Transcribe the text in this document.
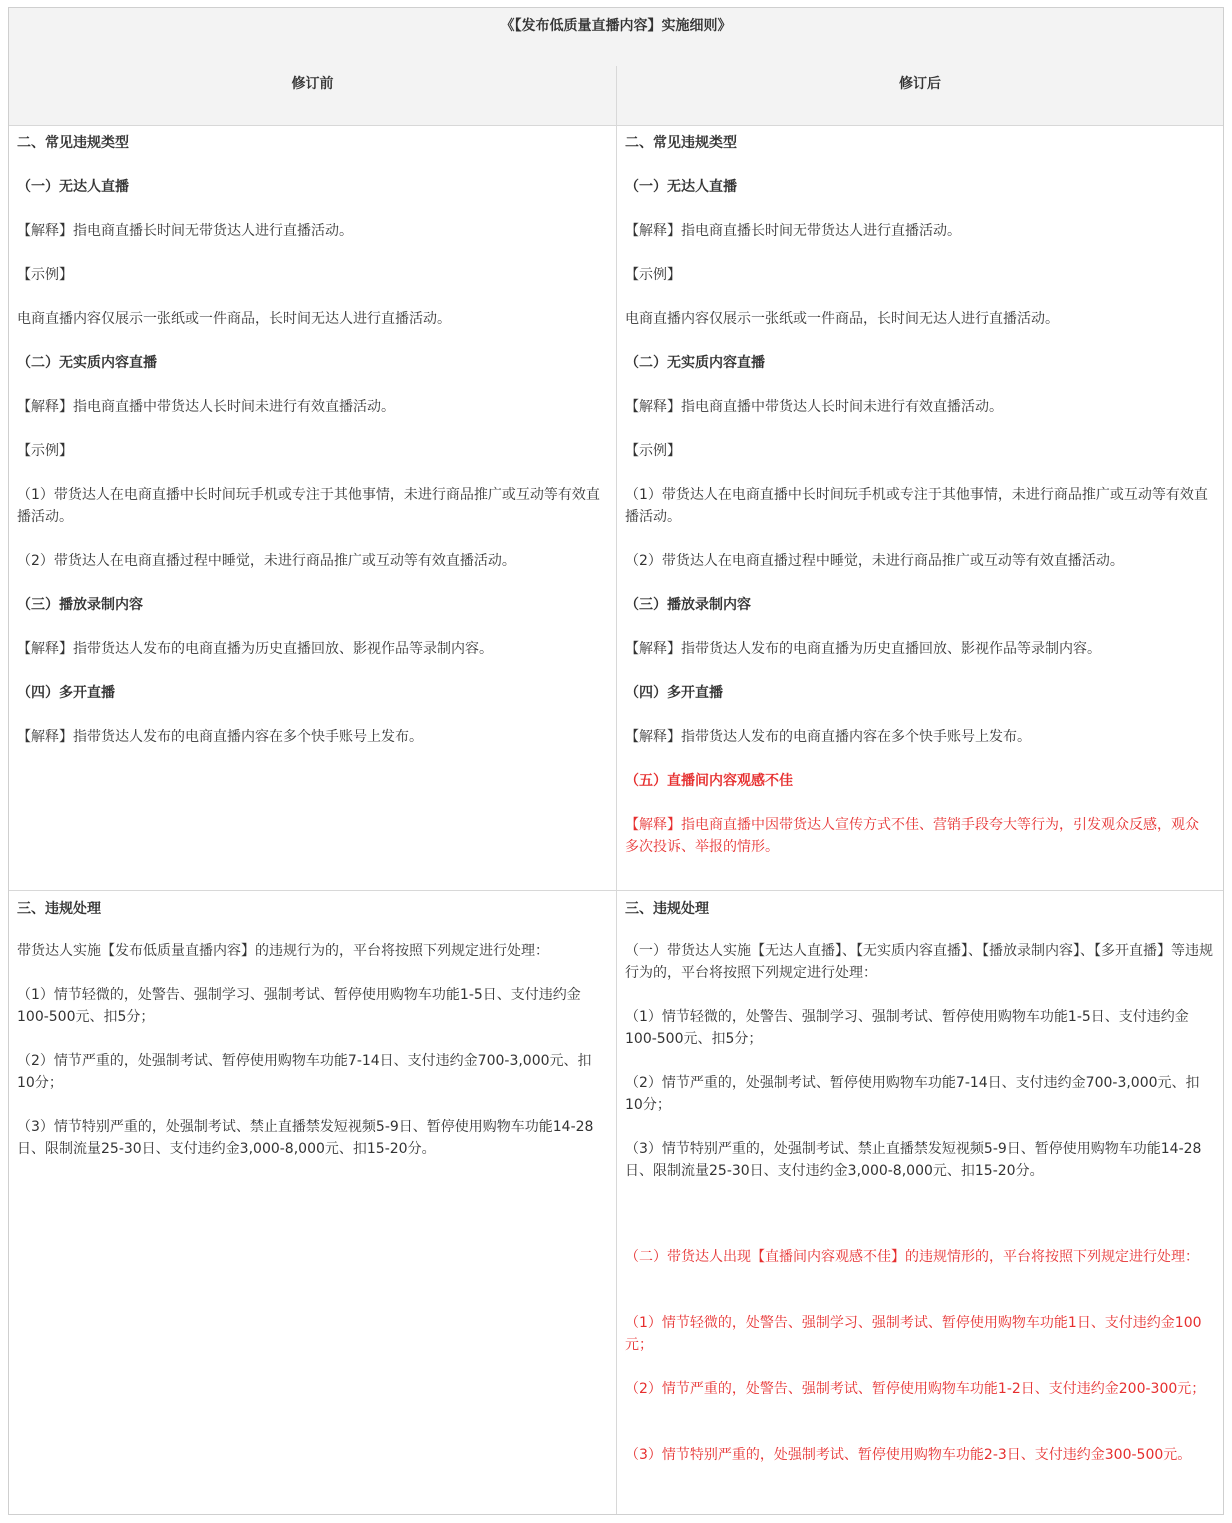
《【发布低质量直播内容】实施细则》
修订前	修订后

二、常见违规类型

（一）无达人直播

【解释】指电商直播长时间无带货达人进行直播活动。

【示例】

电商直播内容仅展示一张纸或一件商品，长时间无达人进行直播活动。

（二）无实质内容直播

【解释】指电商直播中带货达人长时间未进行有效直播活动。

【示例】

（1）带货达人在电商直播中长时间玩手机或专注于其他事情，未进行商品推广或互动等有效直播活动。

（2）带货达人在电商直播过程中睡觉，未进行商品推广或互动等有效直播活动。

（三）播放录制内容

【解释】指带货达人发布的电商直播为历史直播回放、影视作品等录制内容。

（四）多开直播

【解释】指带货达人发布的电商直播内容在多个快手账号上发布。

二、常见违规类型

（一）无达人直播

【解释】指电商直播长时间无带货达人进行直播活动。

【示例】

电商直播内容仅展示一张纸或一件商品，长时间无达人进行直播活动。

（二）无实质内容直播

【解释】指电商直播中带货达人长时间未进行有效直播活动。

【示例】

（1）带货达人在电商直播中长时间玩手机或专注于其他事情，未进行商品推广或互动等有效直播活动。

（2）带货达人在电商直播过程中睡觉，未进行商品推广或互动等有效直播活动。

（三）播放录制内容

【解释】指带货达人发布的电商直播为历史直播回放、影视作品等录制内容。

（四）多开直播

【解释】指带货达人发布的电商直播内容在多个快手账号上发布。

（五）直播间内容观感不佳

【解释】指电商直播中因带货达人宣传方式不佳、营销手段夸大等行为，引发观众反感，观众多次投诉、举报的情形。

三、违规处理

带货达人实施【发布低质量直播内容】的违规行为的，平台将按照下列规定进行处理：

（1）情节轻微的，处警告、强制学习、强制考试、暂停使用购物车功能1-5日、支付违约金100-500元、扣5分；

（2）情节严重的，处强制考试、暂停使用购物车功能7-14日、支付违约金700-3,000元、扣10分；

（3）情节特别严重的，处强制考试、禁止直播禁发短视频5-9日、暂停使用购物车功能14-28日、限制流量25-30日、支付违约金3,000-8,000元、扣15-20分。

三、违规处理

（一）带货达人实施【无达人直播】、【无实质内容直播】、【播放录制内容】、【多开直播】等违规行为的，平台将按照下列规定进行处理：

（1）情节轻微的，处警告、强制学习、强制考试、暂停使用购物车功能1-5日、支付违约金100-500元、扣5分；

（2）情节严重的，处强制考试、暂停使用购物车功能7-14日、支付违约金700-3,000元、扣10分；

（3）情节特别严重的，处强制考试、禁止直播禁发短视频5-9日、暂停使用购物车功能14-28日、限制流量25-30日、支付违约金3,000-8,000元、扣15-20分。

（二）带货达人出现【直播间内容观感不佳】的违规情形的，平台将按照下列规定进行处理：

（1）情节轻微的，处警告、强制学习、强制考试、暂停使用购物车功能1日、支付违约金100元；

（2）情节严重的，处警告、强制考试、暂停使用购物车功能1-2日、支付违约金200-300元；

（3）情节特别严重的，处强制考试、暂停使用购物车功能2-3日、支付违约金300-500元。
